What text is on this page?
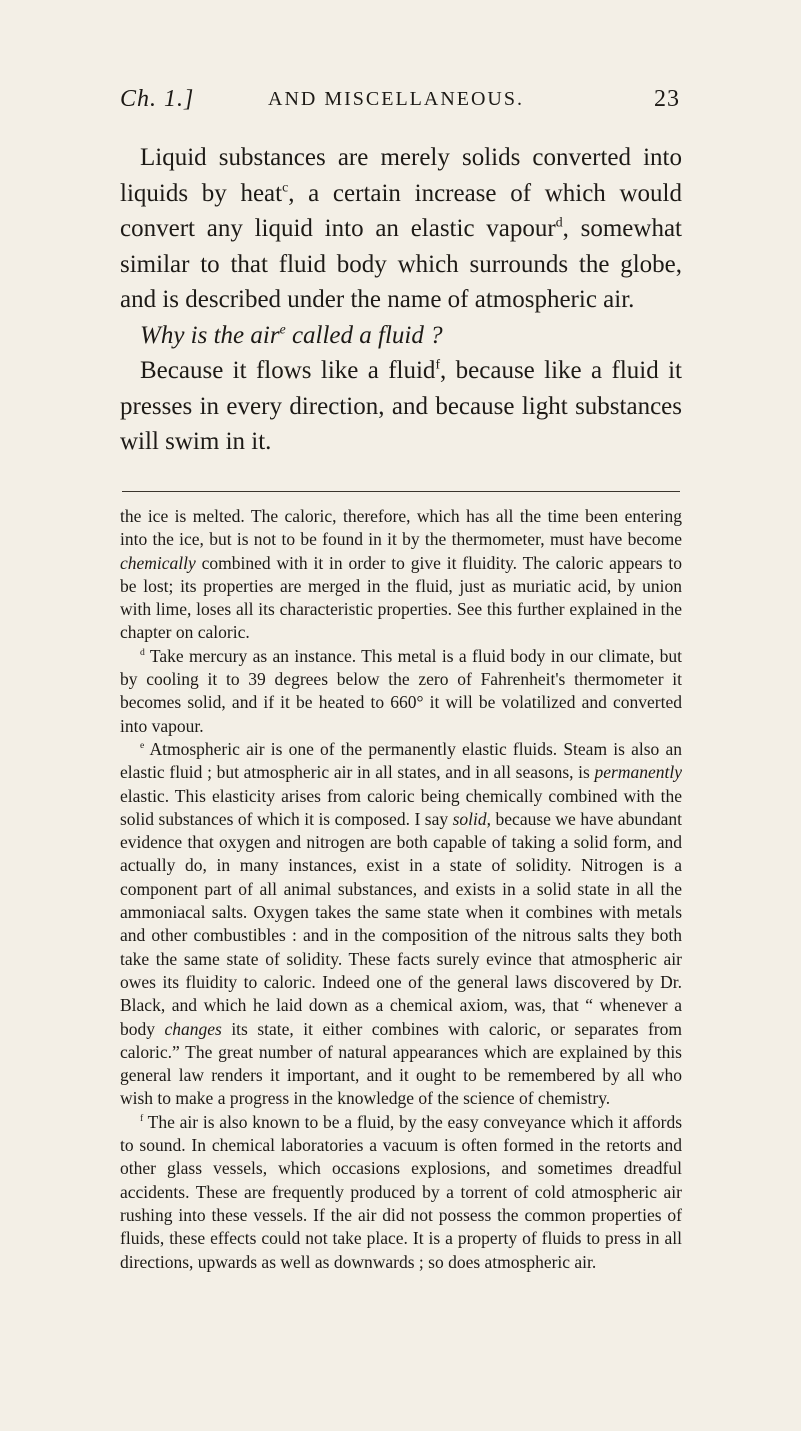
Ch. 1.]	AND MISCELLANEOUS.	23

Liquid substances are merely solids converted into liquids by heat$^c$, a certain increase of which would convert any liquid into an elastic vapour$^d$, somewhat similar to that fluid body which surrounds the globe, and is described under the name of atmospheric air.

Why is the air$^e$ called a fluid ?

Because it flows like a fluid$^f$, because like a fluid it presses in every direction, and because light substances will swim in it.

the ice is melted. The caloric, therefore, which has all the time been entering into the ice, but is not to be found in it by the thermometer, must have become chemically combined with it in order to give it fluidity. The caloric appears to be lost; its properties are merged in the fluid, just as muriatic acid, by union with lime, loses all its characteristic properties. See this further explained in the chapter on caloric.

$^d$ Take mercury as an instance. This metal is a fluid body in our climate, but by cooling it to 39 degrees below the zero of Fahrenheit's thermometer it becomes solid, and if it be heated to 660° it will be volatilized and converted into vapour.

$^e$ Atmospheric air is one of the permanently elastic fluids. Steam is also an elastic fluid ; but atmospheric air in all states, and in all seasons, is permanently elastic. This elasticity arises from caloric being chemically combined with the solid substances of which it is composed. I say solid, because we have abundant evidence that oxygen and nitrogen are both capable of taking a solid form, and actually do, in many instances, exist in a state of solidity. Nitrogen is a component part of all animal substances, and exists in a solid state in all the ammoniacal salts. Oxygen takes the same state when it combines with metals and other combustibles : and in the composition of the nitrous salts they both take the same state of solidity. These facts surely evince that atmospheric air owes its fluidity to caloric. Indeed one of the general laws discovered by Dr. Black, and which he laid down as a chemical axiom, was, that “ whenever a body changes its state, it either combines with caloric, or separates from caloric.” The great number of natural appearances which are explained by this general law renders it important, and it ought to be remembered by all who wish to make a progress in the knowledge of the science of chemistry.

$^f$ The air is also known to be a fluid, by the easy conveyance which it affords to sound. In chemical laboratories a vacuum is often formed in the retorts and other glass vessels, which occasions explosions, and sometimes dreadful accidents. These are frequently produced by a torrent of cold atmospheric air rushing into these vessels. If the air did not possess the common properties of fluids, these effects could not take place. It is a property of fluids to press in all directions, upwards as well as downwards ; so does atmospheric air.
